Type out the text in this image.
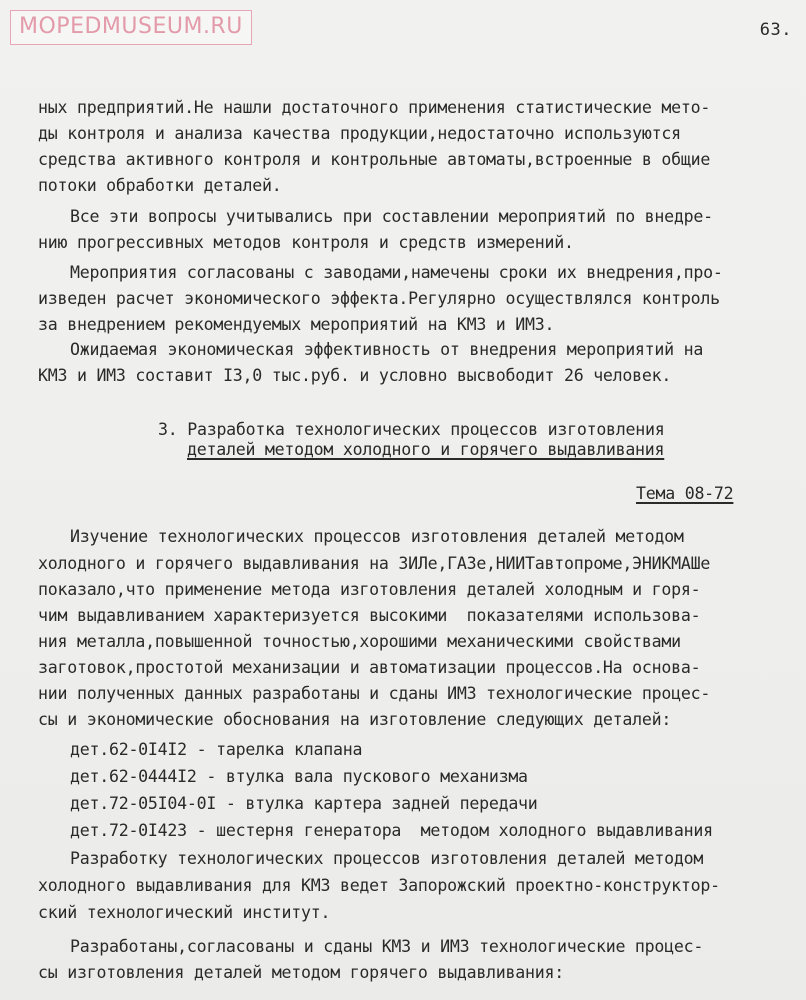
MOPEDMUSEUM.RU	63.
ных предприятий.Не нашли достаточного применения статистические мето-
ды контроля и анализа качества продукции,недостаточно используются
средства активного контроля и контрольные автоматы,встроенные в общие
потоки обработки деталей.
Все эти вопросы учитывались при составлении мероприятий по внедре-
нию прогрессивных методов контроля и средств измерений.
Мероприятия согласованы с заводами,намечены сроки их внедрения,про-
изведен расчет экономического эффекта.Регулярно осуществлялся контроль
за внедрением рекомендуемых мероприятий на КМЗ и ИМЗ.
Ожидаемая экономическая эффективность от внедрения мероприятий на
КМЗ и ИМЗ составит I3,0 тыс.руб. и условно высвободит 26 человек.
3. Разработка технологических процессов изготовления
деталей методом холодного и горячего выдавливания
Тема 08-72
Изучение технологических процессов изготовления деталей методом
холодного и горячего выдавливания на ЗИЛе,ГАЗе,НИИТавтопроме,ЭНИКМАШе
показало,что применение метода изготовления деталей холодным и горя-
чим выдавливанием характеризуется высокими  показателями использова-
ния металла,повышенной точностью,хорошими механическими свойствами
заготовок,простотой механизации и автоматизации процессов.На основа-
нии полученных данных разработаны и сданы ИМЗ технологические процес-
сы и экономические обоснования на изготовление следующих деталей:
дет.62-0I4I2 - тарелка клапана
дет.62-0444I2 - втулка вала пускового механизма
дет.72-05I04-0I - втулка картера задней передачи
дет.72-0I423 - шестерня генератора  методом холодного выдавливания
Разработку технологических процессов изготовления деталей методом
холодного выдавливания для КМЗ ведет Запорожский проектно-конструктор-
ский технологический институт.
Разработаны,согласованы и сданы КМЗ и ИМЗ технологические процес-
сы изготовления деталей методом горячего выдавливания:
